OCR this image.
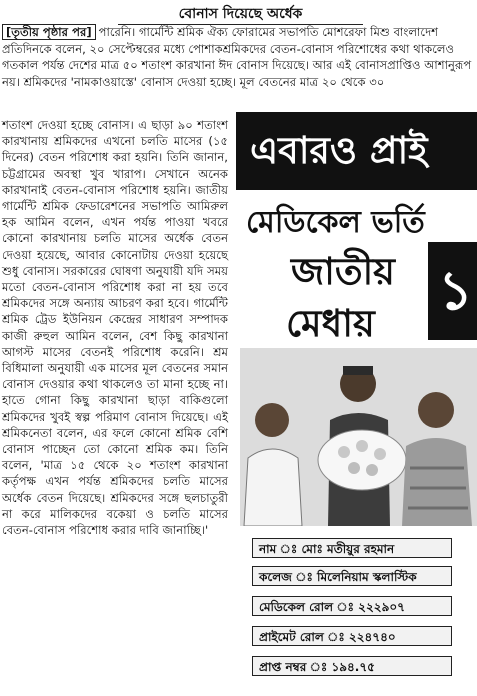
বোনাস দিয়েছে অর্ধেক

[তৃতীয় পৃষ্ঠার পর] পারেনি। গার্মেন্টি শ্রমিক ঐক্য ফোরামের সভাপতি মোশরেফা মিশু বাংলাদেশ প্রতিদিনকে বলেন, ২০ সেপ্টেম্বরের মধ্যে পোশাকশ্রমিকদের বেতন-বোনাস পরিশোধের কথা থাকলেও গতকাল পর্যন্ত দেশের মাত্র ৫০ শতাংশ কারখানা ঈদ বোনাস দিয়েছে। আর এই বোনাসপ্রাপ্তিও আশানুরূপ নয়। শ্রমিকদের 'নামকাওয়াস্তে' বোনাস দেওয়া হচ্ছে। মূল বেতনের মাত্র ২০ থেকে ৩০

শতাংশ দেওয়া হচ্ছে বোনাস। এ ছাড়া ৯০ শতাংশ কারখানায় শ্রমিকদের এখনো চলতি মাসের (১৫ দিনের) বেতন পরিশোধ করা হয়নি। তিনি জানান, চট্টগ্রামের অবস্থা খুব খারাপ। সেখানে অনেক কারখানাই বেতন-বোনাস পরিশোধ হয়নি। জাতীয় গার্মেন্টি শ্রমিক ফেডারেশনের সভাপতি আমিরুল হক আমিন বলেন, এখন পর্যন্ত পাওয়া খবরে কোনো কারখানায় চলতি মাসের অর্ধেক বেতন দেওয়া হয়েছে, আবার কোনোটায় দেওয়া হয়েছে শুধু বোনাস। সরকারের ঘোষণা অনুযায়ী যদি সময় মতো বেতন-বোনাস পরিশোধ করা না হয় তবে শ্রমিকদের সঙ্গে অন্যায় আচরণ করা হবে। গার্মেন্টি শ্রমিক ট্রেড ইউনিয়ন কেন্দ্রের সাধারণ সম্পাদক কাজী রুহুল আমিন বলেন, বেশ কিছু কারখানা আগস্ট মাসের বেতনই পরিশোধ করেনি। শ্রম বিধিমালা অনুযায়ী এক মাসের মূল বেতনের সমান বোনাস দেওয়ার কথা থাকলেও তা মানা হচ্ছে না। হাতে গোনা কিছু কারখানা ছাড়া বাকিগুলো শ্রমিকদের খুবই স্বল্প পরিমাণ বোনাস দিয়েছে। এই শ্রমিকনেতা বলেন, এর ফলে কোনো শ্রমিক বেশি বোনাস পাচ্ছেন তো কোনো শ্রমিক কম। তিনি বলেন, 'মাত্র ১৫ থেকে ২০ শতাংশ কারখানা কর্তৃপক্ষ এখন পর্যন্ত শ্রমিকদের চলতি মাসের অর্ধেক বেতন দিয়েছে। শ্রমিকদের সঙ্গে ছলচাতুরী না করে মালিকদের বকেয়া ও চলতি মাসের বেতন-বোনাস পরিশোধ করার দাবি জানাচ্ছি।'

এবারও প্রাই
মেডিকেল ভর্তি
জাতীয়
মেধায়
১
নাম ঃ মোঃ মতীয়ুর রহমান
কলেজ ঃ মিলেনিয়াম স্কলাস্টিক
মেডিকেল রোল ঃ ২২২৯০৭
প্রাইমেট রোল ঃ ২২৪৭৪০
প্রাপ্ত নম্বর ঃ ১৯৪.৭৫
